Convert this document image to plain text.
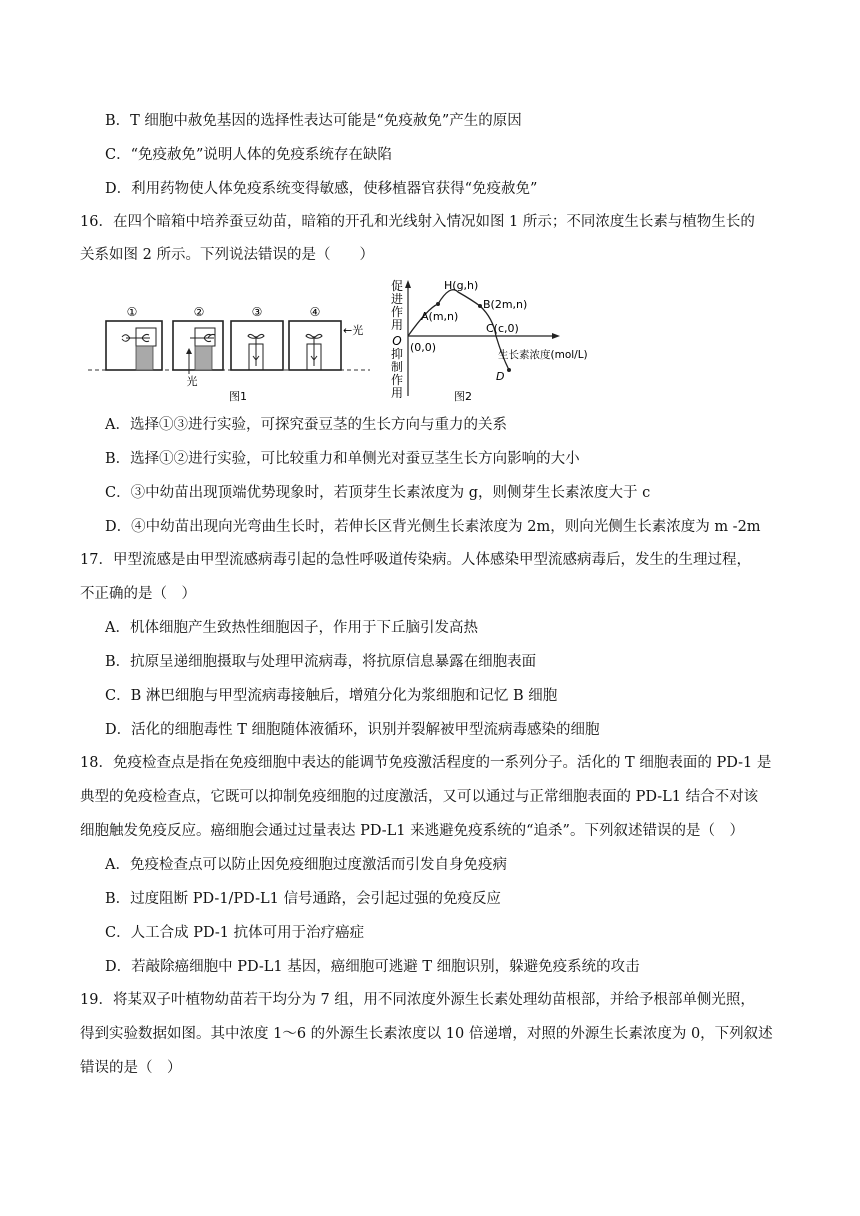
B．T 细胞中赦免基因的选择性表达可能是“免疫赦免”产生的原因
C．“免疫赦免”说明人体的免疫系统存在缺陷
D．利用药物使人体免疫系统变得敏感，使移植器官获得“免疫赦免”
16．在四个暗箱中培养蚕豆幼苗，暗箱的开孔和光线射入情况如图 1 所示；不同浓度生长素与植物生长的
关系如图 2 所示。下列说法错误的是（　　）
①	②
光
③	④
←光
图1
促
进
作
用
O
抑
制
作
用
H(g,h)
A(m,n)
B(2m,n)
C(c,0)
(0,0)
D
生长素浓度(mol/L)
图2
A．选择①③进行实验，可探究蚕豆茎的生长方向与重力的关系
B．选择①②进行实验，可比较重力和单侧光对蚕豆茎生长方向影响的大小
C．③中幼苗出现顶端优势现象时，若顶芽生长素浓度为 g，则侧芽生长素浓度大于 c
D．④中幼苗出现向光弯曲生长时，若伸长区背光侧生长素浓度为 2m，则向光侧生长素浓度为 m -2m
17．甲型流感是由甲型流感病毒引起的急性呼吸道传染病。人体感染甲型流感病毒后，发生的生理过程，
不正确的是（　）
A．机体细胞产生致热性细胞因子，作用于下丘脑引发高热
B．抗原呈递细胞摄取与处理甲流病毒，将抗原信息暴露在细胞表面
C．B 淋巴细胞与甲型流病毒接触后，增殖分化为浆细胞和记忆 B 细胞
D．活化的细胞毒性 T 细胞随体液循环，识别并裂解被甲型流病毒感染的细胞
18．免疫检查点是指在免疫细胞中表达的能调节免疫激活程度的一系列分子。活化的 T 细胞表面的 PD-1 是
典型的免疫检查点，它既可以抑制免疫细胞的过度激活，又可以通过与正常细胞表面的 PD-L1 结合不对该
细胞触发免疫反应。癌细胞会通过过量表达 PD-L1 来逃避免疫系统的“追杀”。下列叙述错误的是（　）
A．免疫检查点可以防止因免疫细胞过度激活而引发自身免疫病
B．过度阻断 PD-1/PD-L1 信号通路，会引起过强的免疫反应
C．人工合成 PD-1 抗体可用于治疗癌症
D．若敲除癌细胞中 PD-L1 基因，癌细胞可逃避 T 细胞识别，躲避免疫系统的攻击
19．将某双子叶植物幼苗若干均分为 7 组，用不同浓度外源生长素处理幼苗根部，并给予根部单侧光照，
得到实验数据如图。其中浓度 1～6 的外源生长素浓度以 10 倍递增，对照的外源生长素浓度为 0，下列叙述
错误的是（　）
